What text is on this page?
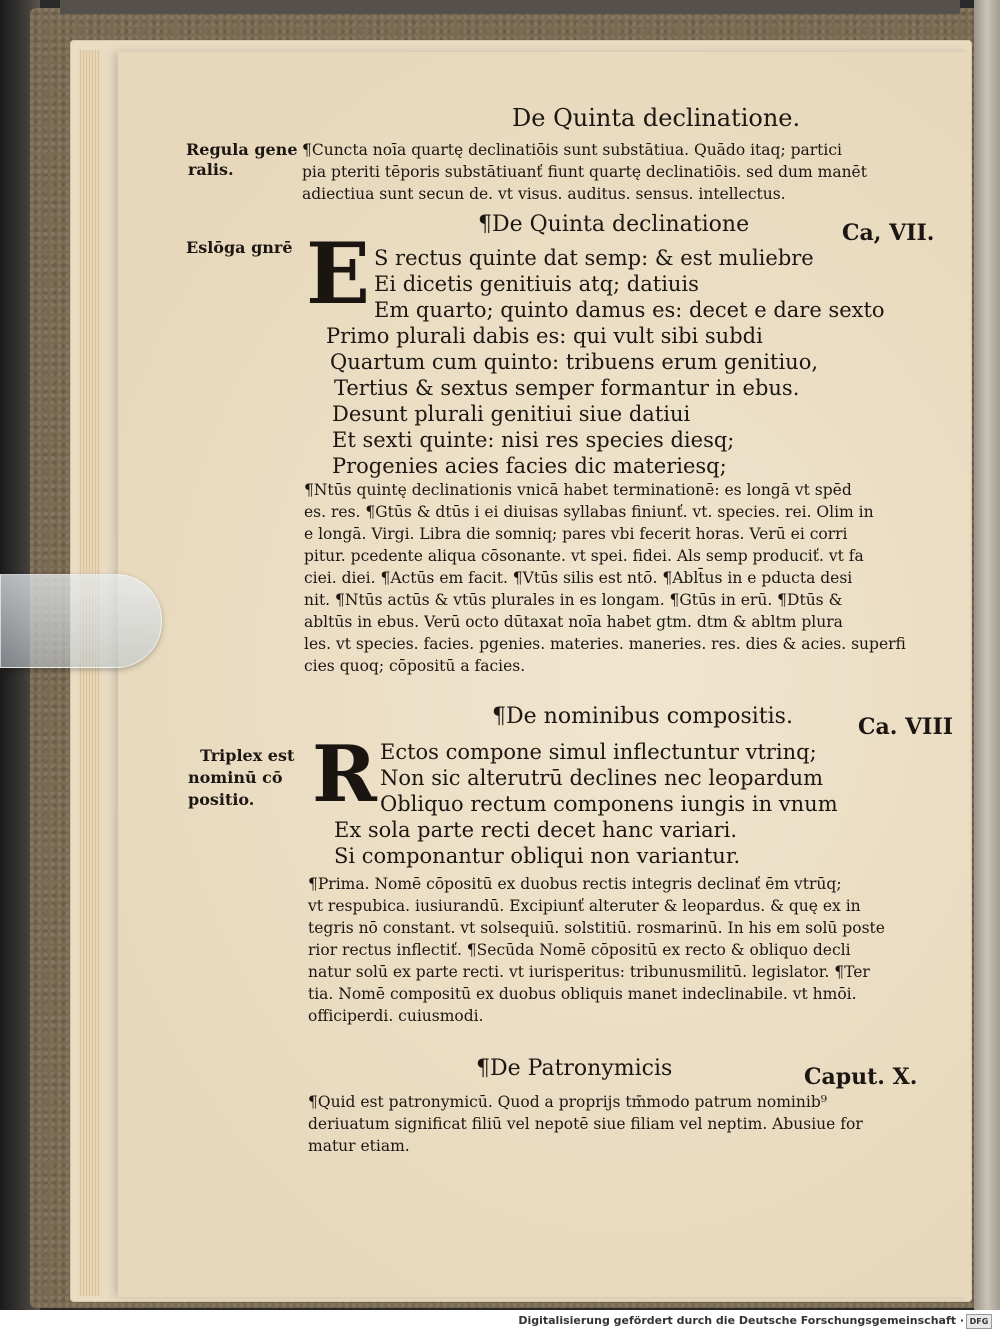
De Quinta declinatione.
Regula gene
ralis.
Eslōga gnrē
Triplex est
nominū cō
positio.
¶Cuncta noīa quartę declinatiōis sunt substātiua. Quādo itaq; partici
pia pteriti tēporis substātiuanť fiunt quartę declinatiōis. sed dum manēt
adiectiua sunt secun de. vt visus. auditus. sensus. intellectus.
¶De Quinta declinatione	Ca, VII.
E S rectus quinte dat semp: & est muliebre
Ei dicetis genitiuis atq; datiuis
Em quarto; quinto damus es: decet e dare sexto
Primo plurali dabis es: qui vult sibi subdi
Quartum cum quinto: tribuens erum genitiuo,
Tertius & sextus semper formantur in ebus.
Desunt plurali genitiui siue datiui
Et sexti quinte: nisi res species diesq;
Progenies acies facies dic materiesq;
¶Ntūs quintę declinationis vnicā habet terminationē: es longā vt spēd
es. res. ¶Gtūs & dtūs i ei diuisas syllabas finiunť. vt. species. rei. Olim in
e longā. Virgi. Libra die somniq; pares vbi fecerit horas. Verū ei corri
pitur. pcedente aliqua cōsonante. vt spei. fidei. Als semp produciť. vt fa
ciei. diei. ¶Actūs em facit. ¶Vtūs silis est ntō. ¶Ablt̄us in e pducta desi
nit. ¶Ntūs actūs & vtūs plurales in es longam. ¶Gtūs in erū. ¶Dtūs &
abltūs in ebus. Verū octo dūtaxat noīa habet gtm. dtm & abltm plura
les. vt species. facies. pgenies. materies. maneries. res. dies & acies. superfi
cies quoq; cōpositū a facies.
¶De nominibus compositis.	Ca. VIII
R Ectos compone simul inflectuntur vtrinq;
Non sic alterutrū declines nec leopardum
Obliquo rectum componens iungis in vnum
Ex sola parte recti decet hanc variari.
Si componantur obliqui non variantur.
¶Prima. Nomē cōpositū ex duobus rectis integris declinať ēm vtrūq;
vt respubica. iusiurandū. Excipiunť alteruter & leopardus. & quę ex in
tegris nō constant. vt solsequiū. solstitiū. rosmarinū. In his em solū poste
rior rectus inflectiť. ¶Secūda Nomē cōpositū ex recto & obliquo decli
natur solū ex parte recti. vt iurisperitus: tribunusmilitū. legislator. ¶Ter
tia. Nomē compositū ex duobus obliquis manet indeclinabile. vt hmōi.
officiperdi. cuiusmodi.
¶De Patronymicis	Caput. X.
¶Quid est patronymicū. Quod a proprijs tm̄modo patrum nominib⁹
deriuatum significat filiū vel nepotē siue filiam vel neptim. Abusiue for
matur etiam.
Digitalisierung gefördert durch die Deutsche Forschungsgemeinschaft · DFG
